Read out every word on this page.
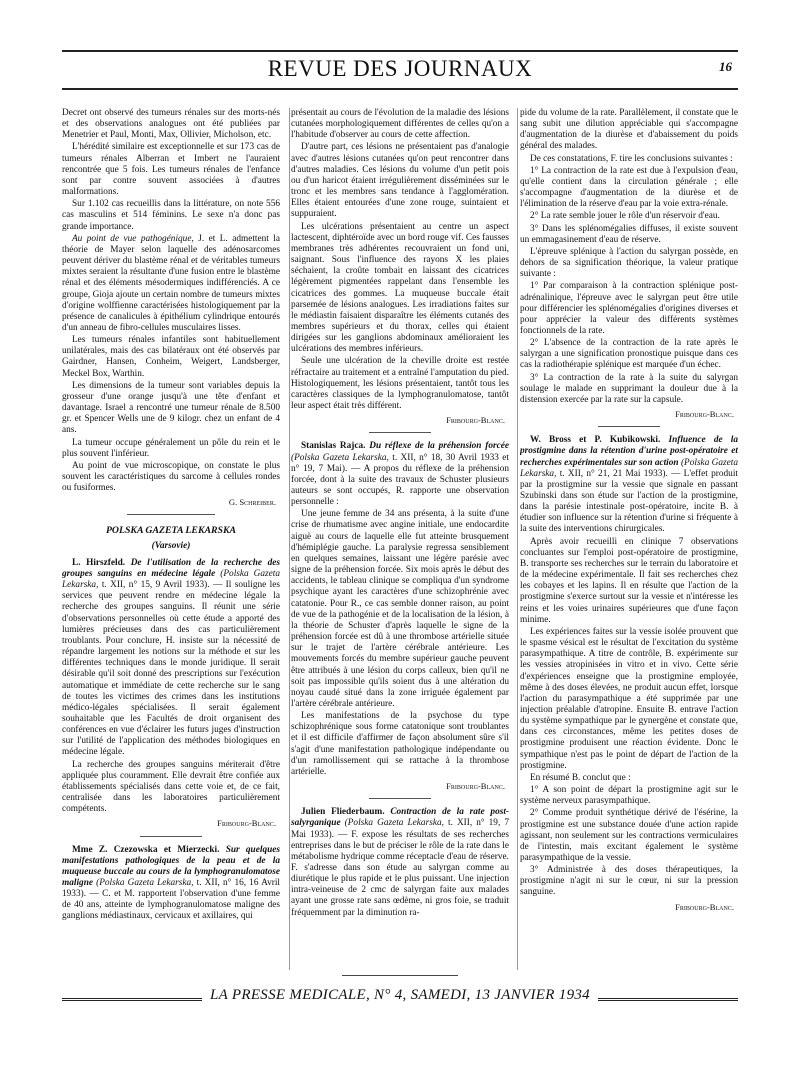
REVUE DES JOURNAUX	16

Decret ont observé des tumeurs rénales sur des morts-nés et des observations analogues ont été publiées par Menetrier et Paul, Monti, Max, Ollivier, Micholson, etc.

L'hérédité similaire est exceptionnelle et sur 173 cas de tumeurs rénales Alberran et Imbert ne l'auraient rencontrée que 5 fois. Les tumeurs rénales de l'enfance sont par contre souvent associées à d'autres malformations.

Sur 1.102 cas recueillis dans la littérature, on note 556 cas masculins et 514 féminins. Le sexe n'a donc pas grande importance.

Au point de vue pathogénique, J. et L. admettent la théorie de Mayer selon laquelle des adénosarcomes peuvent dériver du blastème rénal et de véritables tumeurs mixtes seraient la résultante d'une fusion entre le blastème rénal et des éléments mésodermiques indifférenciés. A ce groupe, Gioja ajoute un certain nombre de tumeurs mixtes d'origine wolffienne caractérisées histologiquement par la présence de canalicules à épithélium cylindrique entourés d'un anneau de fibro-cellules musculaires lisses.

Les tumeurs rénales infantiles sont habituellement unilatérales, mais des cas bilatéraux ont été observés par Gairdner, Hansen, Conheim, Weigert, Landsberger, Meckel Box, Warthin.

Les dimensions de la tumeur sont variables depuis la grosseur d'une orange jusqu'à une tête d'enfant et davantage. Israel a rencontré une tumeur rénale de 8.500 gr. et Spencer Wells une de 9 kilogr. chez un enfant de 4 ans.

La tumeur occupe généralement un pôle du rein et le plus souvent l'inférieur.

Au point de vue microscopique, on constate le plus souvent les caractéristiques du sarcome à cellules rondes ou fusiformes.

G. Schreiber.
POLSKA GAZETA LEKARSKA
(Varsovie)

L. Hirszfeld. De l'utilisation de la recherche des groupes sanguins en médecine légale (Polska Gazeta Lekarska, t. XII, n° 15, 9 Avril 1933). — Il souligne les services que peuvent rendre en médecine légale la recherche des groupes sanguins. Il réunit une série d'observations personnelles où cette étude a apporté des lumières précieuses dans des cas particulièrement troublants. Pour conclure, H. insiste sur la nécessité de répandre largement les notions sur la méthode et sur les différentes techniques dans le monde juridique. Il serait désirable qu'il soit donné des prescriptions sur l'exécution automatique et immédiate de cette recherche sur le sang de toutes les victimes des crimes dans les institutions médico-légales spécialisées. Il serait également souhaitable que les Facultés de droit organisent des conférences en vue d'éclairer les futurs juges d'instruction sur l'utilité de l'application des méthodes biologiques en médecine légale.

La recherche des groupes sanguins mériterait d'être appliquée plus couramment. Elle devrait être confiée aux établissements spécialisés dans cette voie et, de ce fait, centralisée dans les laboratoires particulièrement compétents.

Fribourg-Blanc.

Mme Z. Czezowska et Mierzecki. Sur quelques manifestations pathologiques de la peau et de la muqueuse buccale au cours de la lymphogranulomatose maligne (Polska Gazeta Lekarska, t. XII, n° 16, 16 Avril 1933). — C. et M. rapportent l'observation d'une femme de 40 ans, atteinte de lymphogranulomatose maligne des ganglions médiastinaux, cervicaux et axillaires, qui

présentait au cours de l'évolution de la maladie des lésions cutanées morphologiquement différentes de celles qu'on a l'habitude d'observer au cours de cette affection.

D'autre part, ces lésions ne présentaient pas d'analogie avec d'autres lésions cutanées qu'on peut rencontrer dans d'autres maladies. Ces lésions du volume d'un petit pois ou d'un haricot étaient irrégulièrement disséminées sur le tronc et les membres sans tendance à l'agglomération. Elles étaient entourées d'une zone rouge, suintaient et suppuraient.

Les ulcérations présentaient au centre un aspect lactescent, diphtéroïde avec un bord rouge vif. Ces fausses membranes très adhérentes recouvraient un fond uni, saignant. Sous l'influence des rayons X les plaies séchaient, la croûte tombait en laissant des cicatrices légèrement pigmentées rappelant dans l'ensemble les cicatrices des gommes. La muqueuse buccale était parsemée de lésions analogues. Les irradiations faites sur le médiastin faisaient disparaître les éléments cutanés des membres supérieurs et du thorax, celles qui étaient dirigées sur les ganglions abdominaux amélioraient les ulcérations des membres inférieurs.

Seule une ulcération de la cheville droite est restée réfractaire au traitement et a entraîné l'amputation du pied. Histologiquement, les lésions présentaient, tantôt tous les caractères classiques de la lymphogranulomatose, tantôt leur aspect était très différent.

Fribourg-Blanc.

Stanislas Rajca. Du réflexe de la préhension forcée (Polska Gazeta Lekarska, t. XII, n° 18, 30 Avril 1933 et n° 19, 7 Mai). — A propos du réflexe de la préhension forcée, dont à la suite des travaux de Schuster plusieurs auteurs se sont occupés, R. rapporte une observation personnelle :

Une jeune femme de 34 ans présenta, à la suite d'une crise de rhumatisme avec angine initiale, une endocardite aiguë au cours de laquelle elle fut atteinte brusquement d'hémiplégie gauche. La paralysie regressa sensiblement en quelques semaines, laissant une légère parésie avec signe de la préhension forcée. Six mois après le début des accidents, le tableau clinique se compliqua d'un syndrome psychique ayant les caractères d'une schizophrénie avec catatonie. Pour R., ce cas semble donner raison, au point de vue de la pathogénie et de la localisation de la lésion, à la théorie de Schuster d'après laquelle le signe de la préhension forcée est dû à une thrombose artérielle située sur le trajet de l'artère cérébrale antérieure. Les mouvements forcés du membre supérieur gauche peuvent être attribués à une lésion du corps calleux, bien qu'il ne soit pas impossible qu'ils soient dus à une altération du noyau caudé situé dans la zone irriguée également par l'artère cérébrale antérieure.

Les manifestations de la psychose du type schizophrénique sous forme catatonique sont troublantes et il est difficile d'affirmer de façon absolument sûre s'il s'agit d'une manifestation pathologique indépendante ou d'un ramollissement qui se rattache à la thrombose artérielle.

Fribourg-Blanc.

Julien Fliederbaum. Contraction de la rate post-salyrganique (Polska Gazeta Lekarska, t. XII, n° 19, 7 Mai 1933). — F. expose les résultats de ses recherches entreprises dans le but de préciser le rôle de la rate dans le métabolisme hydrique comme réceptacle d'eau de réserve. F. s'adresse dans son étude au salyrgan comme au diurétique le plus rapide et le plus puissant. Une injection intra-veineuse de 2 cmc de salyrgan faite aux malades ayant une grosse rate sans œdème, ni gros foie, se traduit fréquemment par la diminution ra-

pide du volume de la rate. Parallèlement, il constate que le sang subit une dilution appréciable qui s'accompagne d'augmentation de la diurèse et d'abaissement du poids général des malades.

De ces constatations, F. tire les conclusions suivantes :

1° La contraction de la rate est due à l'expulsion d'eau, qu'elle contient dans la circulation générale ; elle s'accompagne d'augmentation de la diurèse et de l'élimination de la réserve d'eau par la voie extra-rénale.

2° La rate semble jouer le rôle d'un réservoir d'eau.

3° Dans les splénomégalies diffuses, il existe souvent un emmagasinement d'eau de réserve.

L'épreuve splénique à l'action du salyrgan possède, en dehors de sa signification théorique, la valeur pratique suivante :

1° Par comparaison à la contraction splénique post-adrénalinique, l'épreuve avec le salyrgan peut être utile pour différencier les splénomégalies d'origines diverses et pour apprécier la valeur des différents systèmes fonctionnels de la rate.

2° L'absence de la contraction de la rate après le salyrgan a une signification pronostique puisque dans ces cas la radiothérapie splénique est marquée d'un échec.

3° La contraction de la rate à la suite du salyrgan soulage le malade en supprimant la douleur due à la distension exercée par la rate sur la capsule.

Fribourg-Blanc.

W. Bross et P. Kubikowski. Influence de la prostigmine dans la rétention d'urine post-opératoire et recherches expérimentales sur son action (Polska Gazeta Lekarska, t. XII, n° 21, 21 Mai 1933). — L'effet produit par la prostigmine sur la vessie que signale en passant Szubinski dans son étude sur l'action de la prostigmine, dans la parésie intestinale post-opératoire, incite B. à étudier son influence sur la rétention d'urine si fréquente à la suite des interventions chirurgicales.

Après avoir recueilli en clinique 7 observations concluantes sur l'emploi post-opératoire de prostigmine, B. transporte ses recherches sur le terrain du laboratoire et de la médecine expérimentale. Il fait ses recherches chez les cobayes et les lapins. Il en résulte que l'action de la prostigmine s'exerce surtout sur la vessie et n'intéresse les reins et les voies urinaires supérieures que d'une façon minime.

Les expériences faites sur la vessie isolée prouvent que le spasme vésical est le résultat de l'excitation du système parasympathique. A titre de contrôle, B. expérimente sur les vessies atropinisées in vitro et in vivo. Cette série d'expériences enseigne que la prostigmine employée, même à des doses élevées, ne produit aucun effet, lorsque l'action du parasympathique a été supprimée par une injection préalable d'atropine. Ensuite B. entrave l'action du système sympathique par le gynergène et constate que, dans ces circonstances, même les petites doses de prostigmine produisent une réaction évidente. Donc le sympathique n'est pas le point de départ de l'action de la prostigmine.

En résumé B. conclut que :

1° A son point de départ la prostigmine agit sur le système nerveux parasympathique.

2° Comme produit synthétique dérivé de l'ésérine, la prostigmine est une substance douée d'une action rapide agissant, non seulement sur les contractions vermiculaires de l'intestin, mais excitant également le système parasympathique de la vessie.

3° Administrée à des doses thérapeutiques, la prostigmine n'agit ni sur le cœur, ni sur la pression sanguine.

Fribourg-Blanc.
LA PRESSE MEDICALE, N° 4, SAMEDI, 13 JANVIER 1934
